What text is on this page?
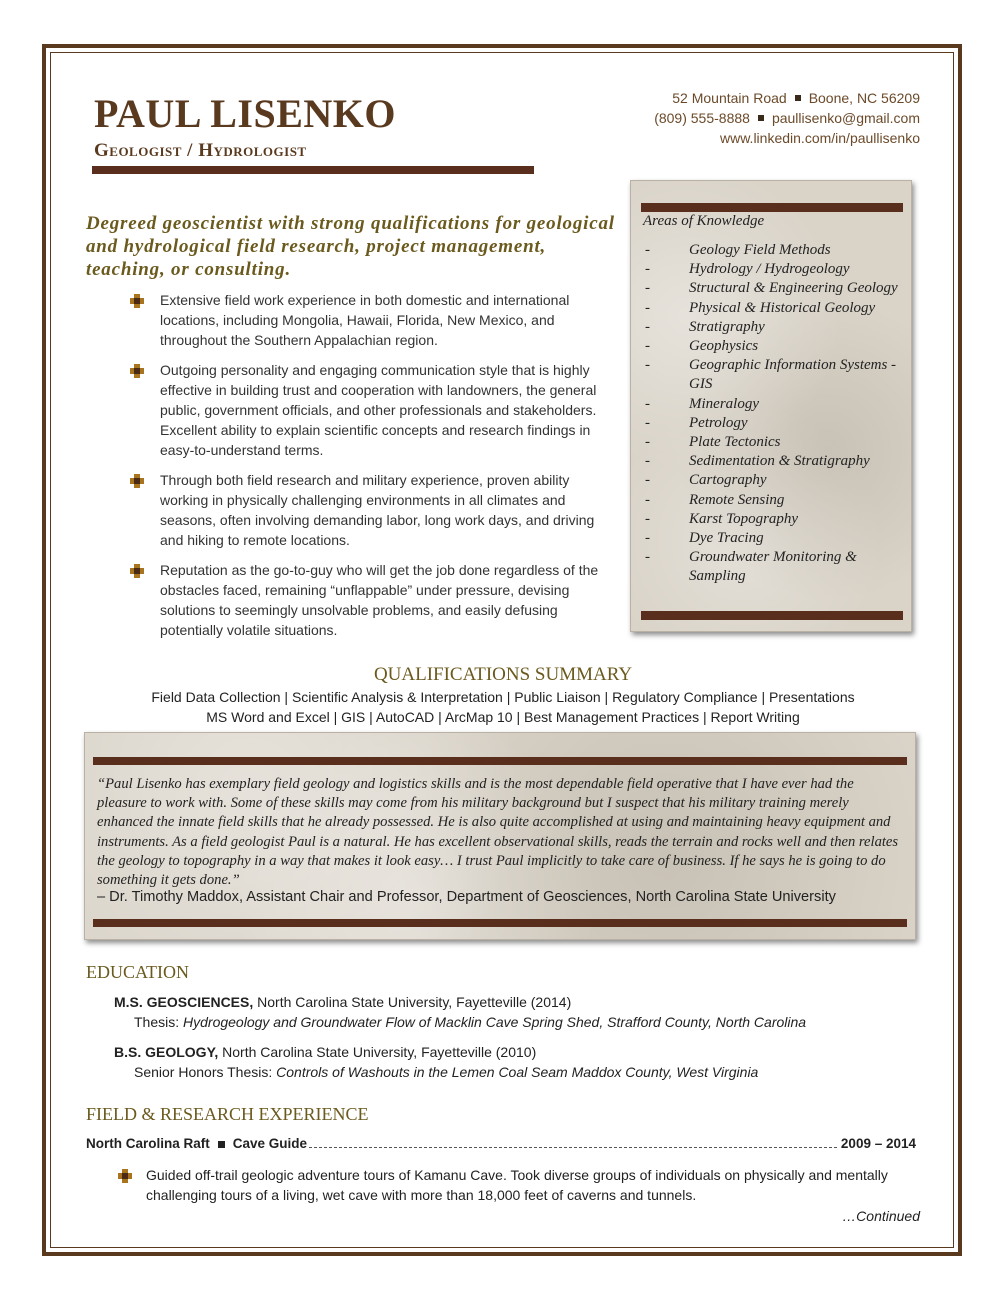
PAUL LISENKO
Geologist / Hydrologist
52 Mountain Road Boone, NC 56209
(809) 555-8888 paullisenko@gmail.com
www.linkedin.com/in/paullisenko

Degreed geoscientist with strong qualifications for geological and hydrological field research, project management, teaching, or consulting.

Extensive field work experience in both domestic and international locations, including Mongolia, Hawaii, Florida, New Mexico, and throughout the Southern Appalachian region.
Outgoing personality and engaging communication style that is highly effective in building trust and cooperation with landowners, the general public, government officials, and other professionals and stakeholders. Excellent ability to explain scientific concepts and research findings in easy-to-understand terms.
Through both field research and military experience, proven ability working in physically challenging environments in all climates and seasons, often involving demanding labor, long work days, and driving and hiking to remote locations.
Reputation as the go-to-guy who will get the job done regardless of the obstacles faced, remaining “unflappable” under pressure, devising solutions to seemingly unsolvable problems, and easily defusing potentially volatile situations.
Areas of Knowledge
-	Geology Field Methods
-	Hydrology / Hydrogeology
-	Structural & Engineering Geology
-	Physical & Historical Geology
-	Stratigraphy
-	Geophysics
-	Geographic Information Systems - GIS
-	Mineralogy
-	Petrology
-	Plate Tectonics
-	Sedimentation & Stratigraphy
-	Cartography
-	Remote Sensing
-	Karst Topography
-	Dye Tracing
-	Groundwater Monitoring & Sampling
QUALIFICATIONS SUMMARY
Field Data Collection | Scientific Analysis & Interpretation | Public Liaison | Regulatory Compliance | Presentations
MS Word and Excel | GIS | AutoCAD | ArcMap 10 | Best Management Practices | Report Writing

“Paul Lisenko has exemplary field geology and logistics skills and is the most dependable field operative that I have ever had the pleasure to work with. Some of these skills may come from his military background but I suspect that his military training merely enhanced the innate field skills that he already possessed. He is also quite accomplished at using and maintaining heavy equipment and instruments. As a field geologist Paul is a natural. He has excellent observational skills, reads the terrain and rocks well and then relates the geology to topography in a way that makes it look easy… I trust Paul implicitly to take care of business. If he says he is going to do something it gets done.”

– Dr. Timothy Maddox, Assistant Chair and Professor, Department of Geosciences, North Carolina State University
EDUCATION
M.S. GEOSCIENCES, North Carolina State University, Fayetteville (2014)
Thesis: Hydrogeology and Groundwater Flow of Macklin Cave Spring Shed, Strafford County, North Carolina
B.S. GEOLOGY, North Carolina State University, Fayetteville (2010)
Senior Honors Thesis: Controls of Washouts in the Lemen Coal Seam Maddox County, West Virginia
FIELD & RESEARCH EXPERIENCE
North Carolina Raft Cave Guide	2009 – 2014
Guided off-trail geologic adventure tours of Kamanu Cave. Took diverse groups of individuals on physically and mentally challenging tours of a living, wet cave with more than 18,000 feet of caverns and tunnels.
…Continued
